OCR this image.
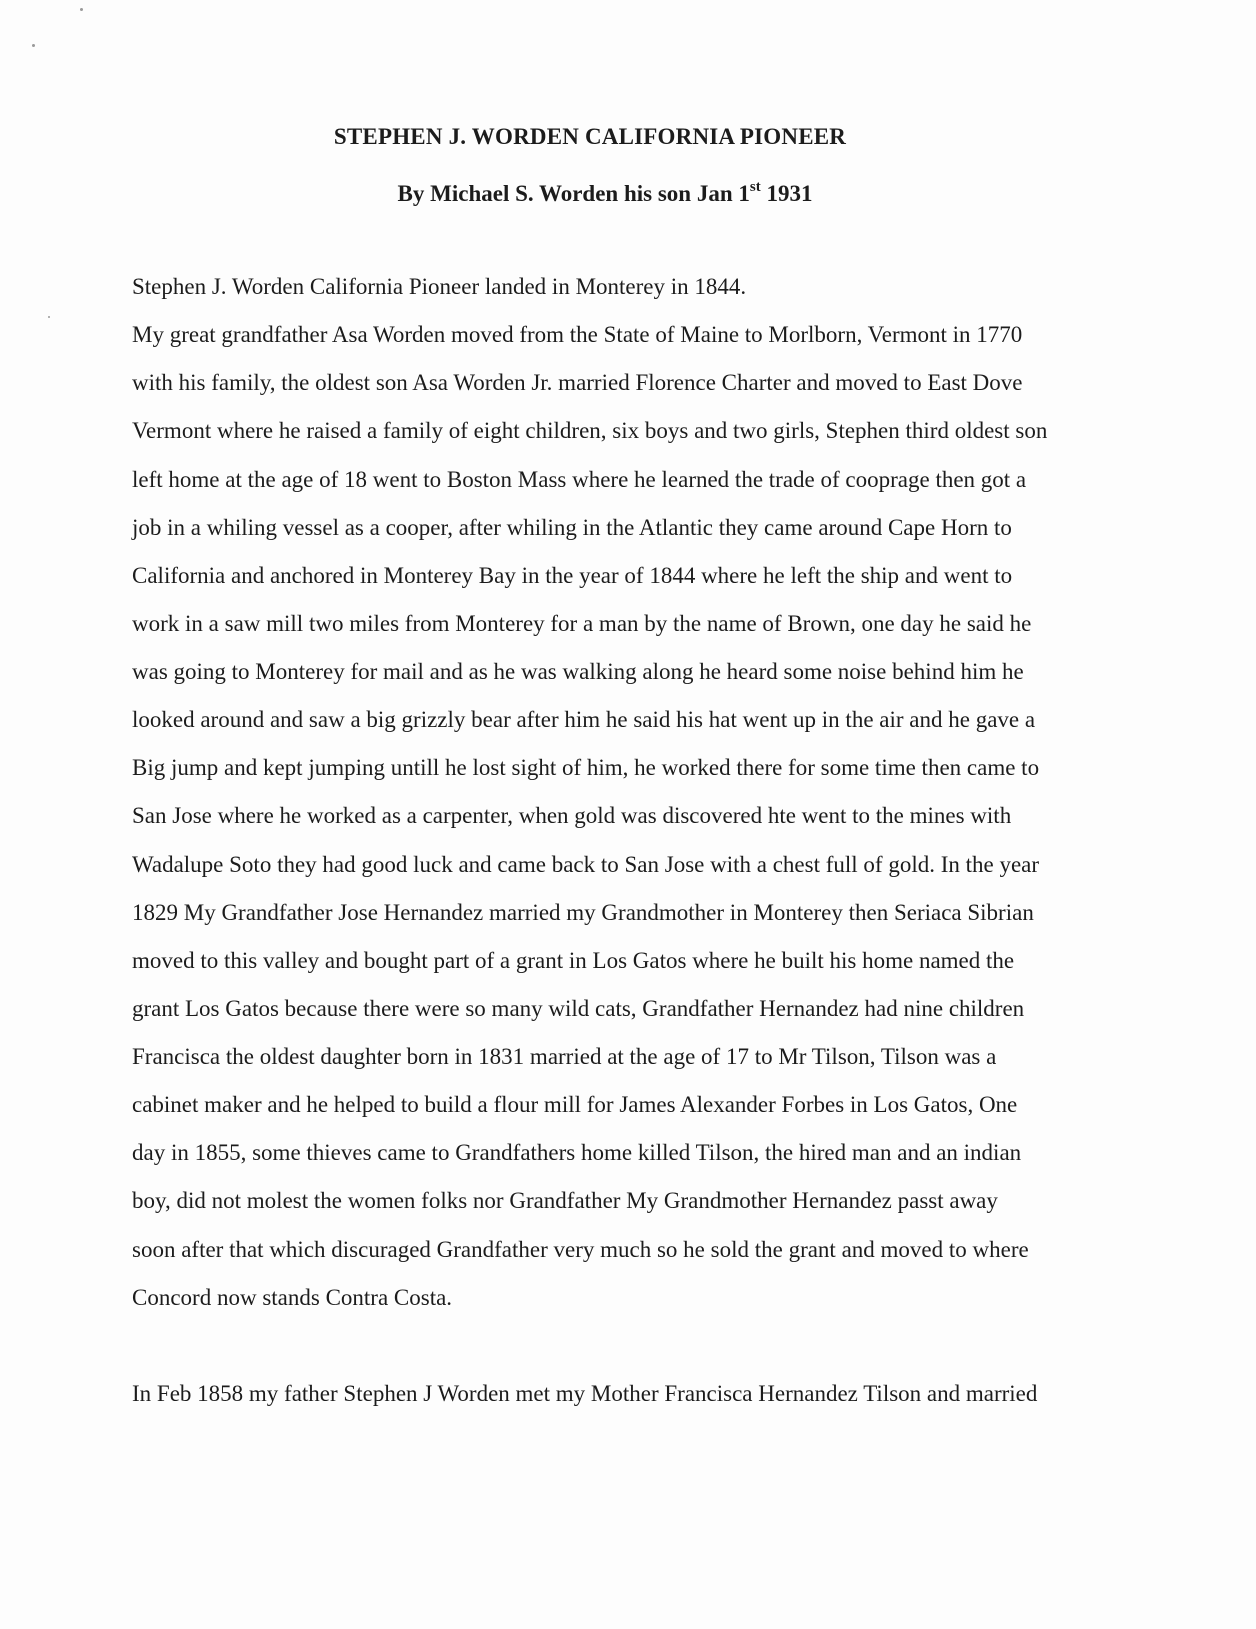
STEPHEN J. WORDEN CALIFORNIA PIONEER
By Michael S. Worden his son Jan 1st 1931
Stephen J. Worden California Pioneer landed in Monterey in 1844.
My great grandfather Asa Worden moved from the State of Maine to Morlborn, Vermont in 1770
with his family, the oldest son Asa Worden Jr. married Florence Charter and moved to East Dove
Vermont where he raised a family of eight children, six boys and two girls, Stephen third oldest son
left home at the age of 18 went to Boston Mass where he learned the trade of cooprage then got a
job in a whiling vessel as a cooper, after whiling in the Atlantic they came around Cape Horn to
California and anchored in Monterey Bay in the year of 1844 where he left the ship and went to
work in a saw mill two miles from Monterey for a man by the name of Brown, one day he said he
was going to Monterey for mail and as he was walking along he heard some noise behind him he
looked around and saw a big grizzly bear after him he said his hat went up in the air and he gave a
Big jump and kept jumping untill he lost sight of him, he worked there for some time then came to
San Jose where he worked as a carpenter, when gold was discovered hte went to the mines with
Wadalupe Soto they had good luck and came back to San Jose with a chest full of gold. In the year
1829 My Grandfather Jose Hernandez married my Grandmother in Monterey then Seriaca Sibrian
moved to this valley and bought part of a grant in Los Gatos where he built his home named the
grant Los Gatos because there were so many wild cats, Grandfather Hernandez had nine children
Francisca the oldest daughter born in 1831 married at the age of 17 to Mr Tilson, Tilson was a
cabinet maker and he helped to build a flour mill for James Alexander Forbes in Los Gatos, One
day in 1855, some thieves came to Grandfathers home killed Tilson, the hired man and an indian
boy, did not molest the women folks nor Grandfather My Grandmother Hernandez passt away
soon after that which discuraged Grandfather very much so he sold the grant and moved to where
Concord now stands Contra Costa.
In Feb 1858 my father Stephen J Worden met my Mother Francisca Hernandez Tilson and married
